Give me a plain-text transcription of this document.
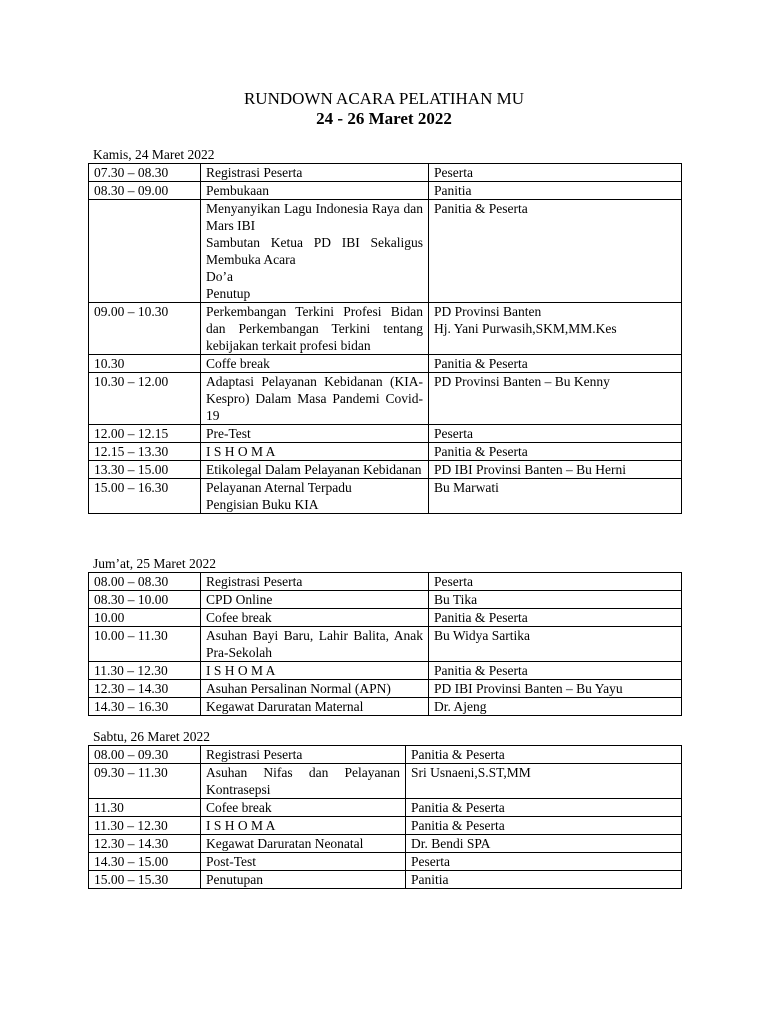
RUNDOWN ACARA PELATIHAN MU
24 - 26 Maret 2022
Kamis, 24 Maret 2022
07.30 – 08.30	Registrasi Peserta	Peserta

08.30 – 09.00	Pembukaan	Panitia

	Menyanyikan Lagu Indonesia Raya dan Mars IBI
Sambutan Ketua PD IBI Sekaligus Membuka Acara
Do’a
Penutup	Panitia & Peserta

09.00 – 10.30	Perkembangan Terkini Profesi Bidan dan Perkembangan Terkini tentang kebijakan terkait profesi bidan	PD Provinsi Banten
Hj. Yani Purwasih,SKM,MM.Kes

10.30	Coffe break	Panitia & Peserta

10.30 – 12.00	Adaptasi Pelayanan Kebidanan (KIA-Kespro) Dalam Masa Pandemi Covid-19	PD Provinsi Banten – Bu Kenny

12.00 – 12.15	Pre-Test	Peserta

12.15 – 13.30	I S H O M A	Panitia & Peserta

13.30 – 15.00	Etikolegal Dalam Pelayanan Kebidanan	PD IBI Provinsi Banten – Bu Herni

15.00 – 16.30	Pelayanan Aternal Terpadu
Pengisian Buku KIA	Bu Marwati
Jum’at, 25 Maret 2022
08.00 – 08.30	Registrasi Peserta	Peserta

08.30 – 10.00	CPD Online	Bu Tika

10.00	Cofee break	Panitia & Peserta

10.00 – 11.30	Asuhan Bayi Baru, Lahir Balita, Anak Pra-Sekolah	Bu Widya Sartika

11.30 – 12.30	I S H O M A	Panitia & Peserta

12.30 – 14.30	Asuhan Persalinan Normal (APN)	PD IBI Provinsi Banten – Bu Yayu

14.30 – 16.30	Kegawat Daruratan Maternal	Dr. Ajeng
Sabtu, 26 Maret 2022
08.00 – 09.30	Registrasi Peserta	Panitia & Peserta

09.30 – 11.30	Asuhan Nifas dan Pelayanan Kontrasepsi	Sri Usnaeni,S.ST,MM

11.30	Cofee break	Panitia & Peserta

11.30 – 12.30	I S H O M A	Panitia & Peserta

12.30 – 14.30	Kegawat Daruratan Neonatal	Dr. Bendi SPA

14.30 – 15.00	Post-Test	Peserta

15.00 – 15.30	Penutupan	Panitia
